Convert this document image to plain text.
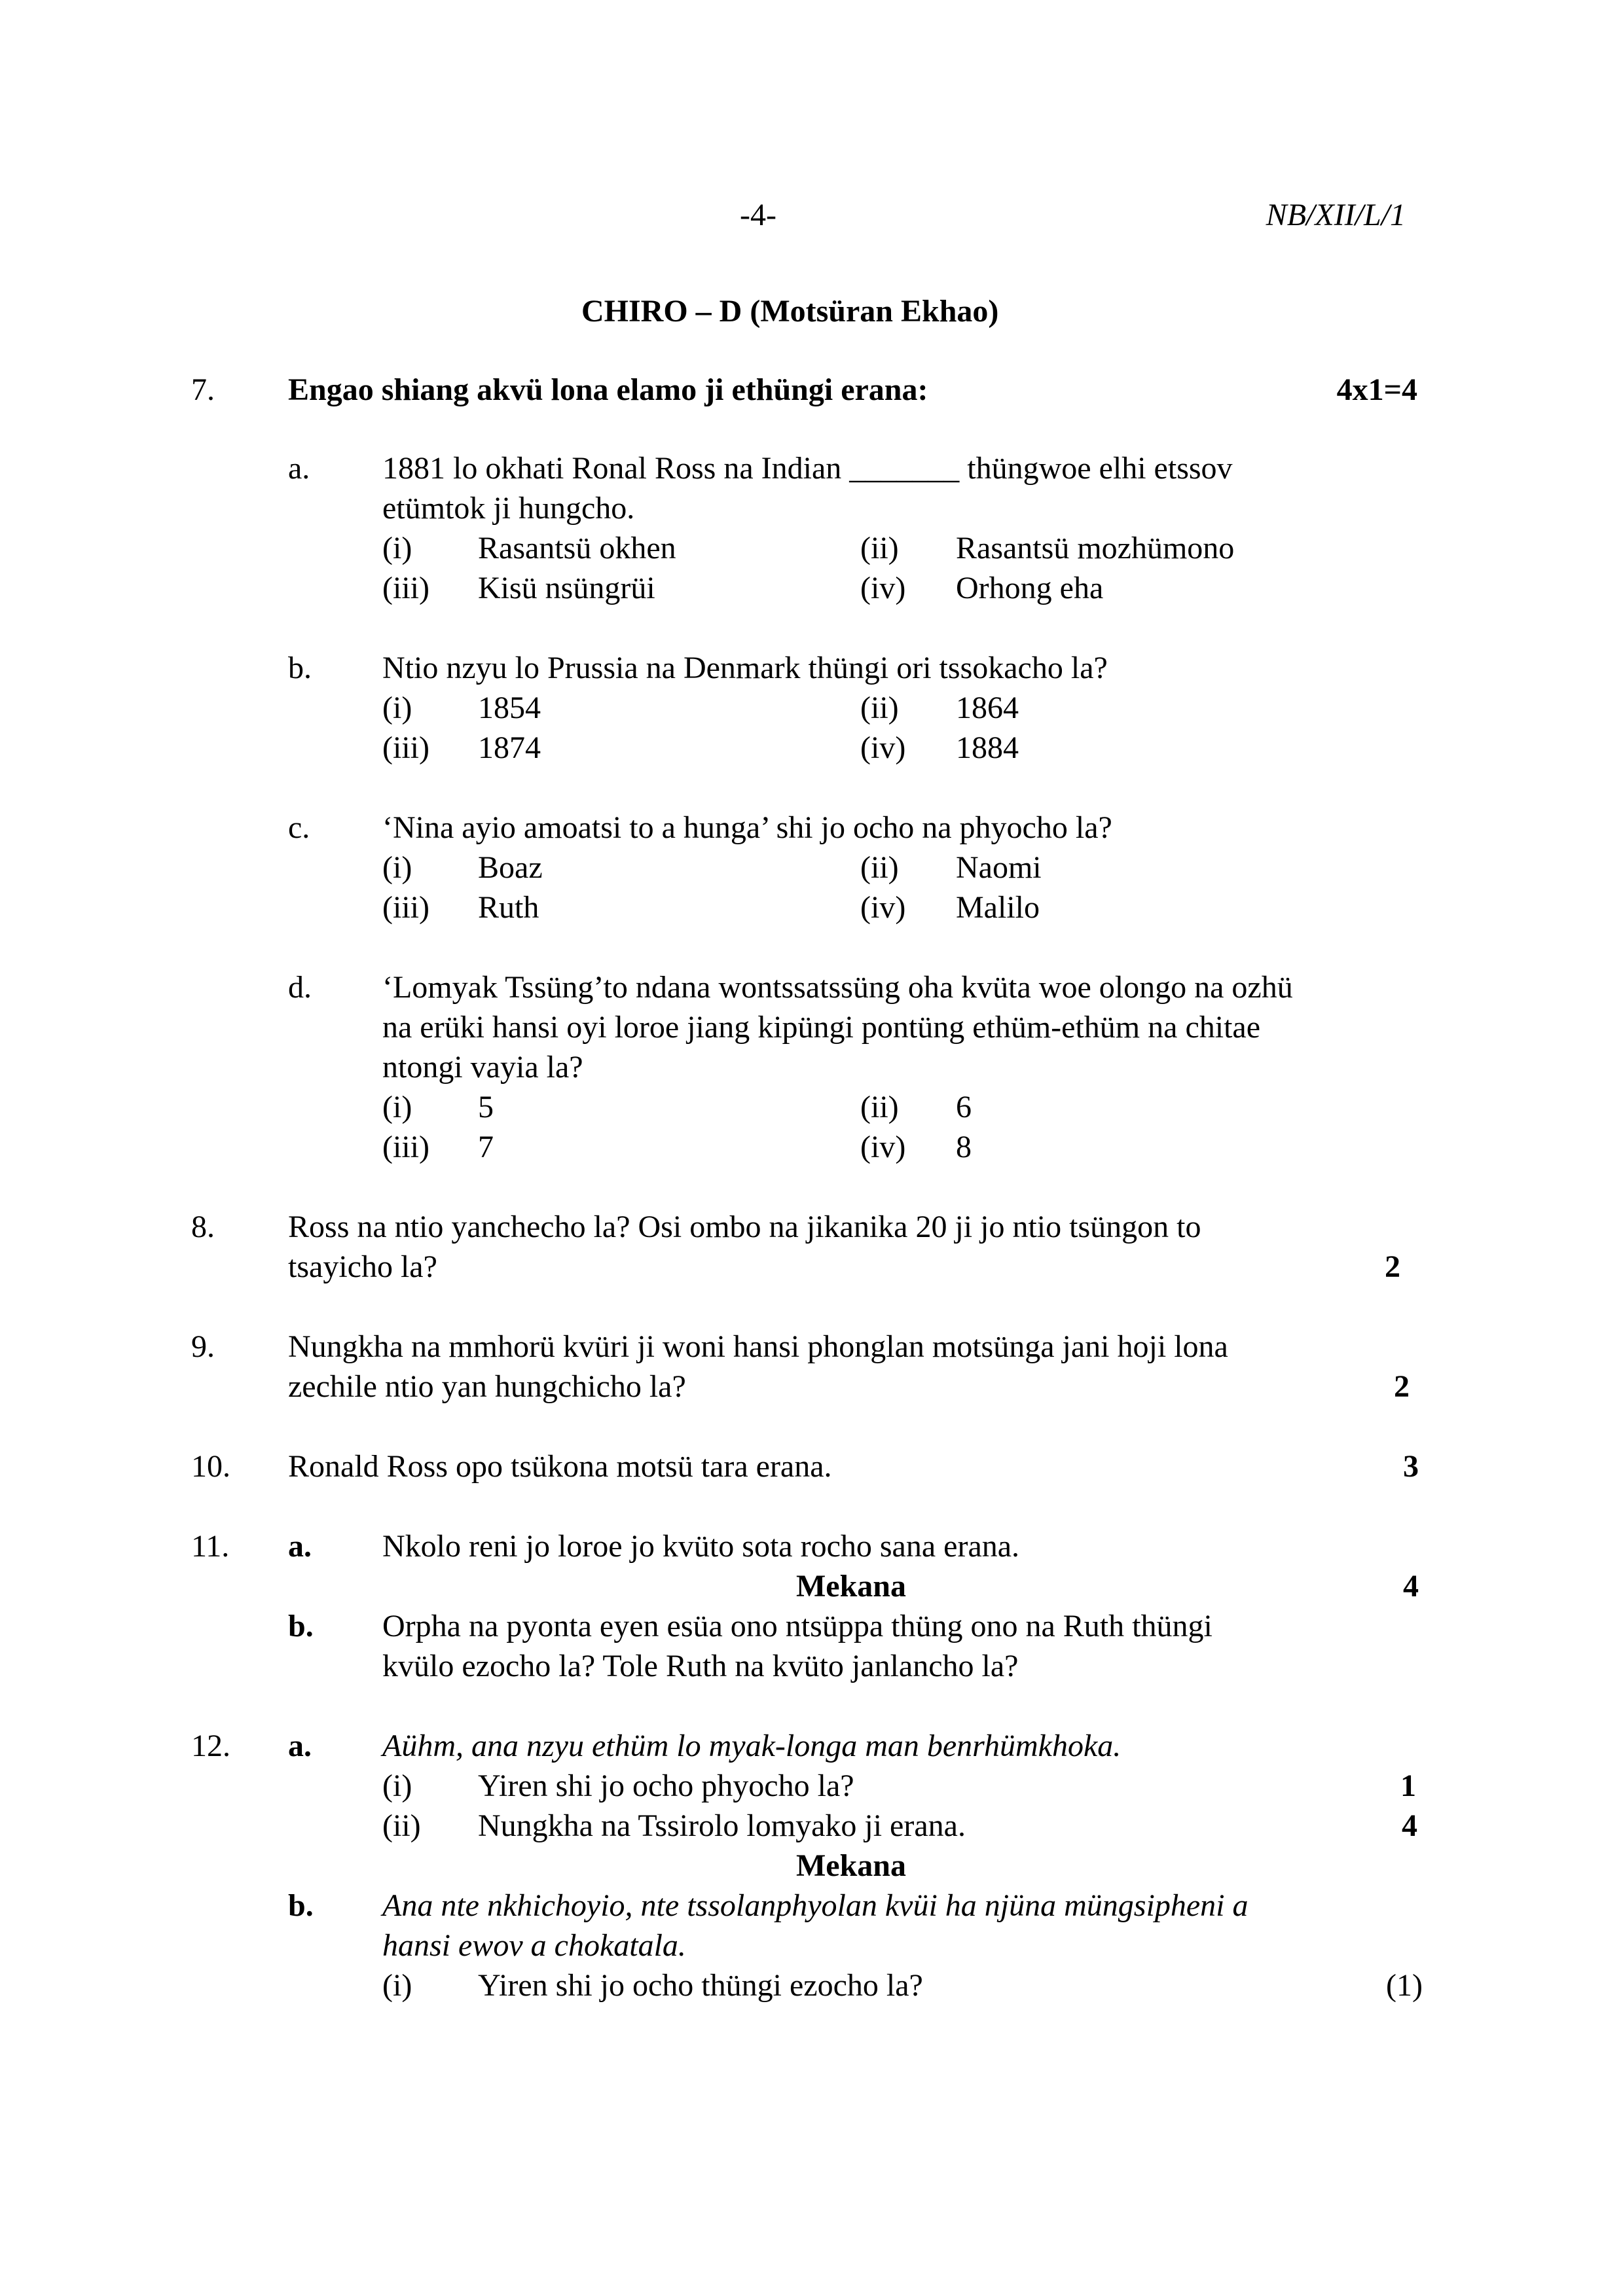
-4-	NB/XII/L/1
CHIRO – D (Motsüran Ekhao)
7. Engao shiang akvü lona elamo ji ethüngi erana:	4x1=4
a. 1881 lo okhati Ronal Ross na Indian _______ thüngwoe elhi etssov
etümtok ji hungcho.
(i) Rasantsü okhen	(ii) Rasantsü mozhümono
(iii) Kisü nsüngrüi	(iv) Orhong eha
b. Ntio nzyu lo Prussia na Denmark thüngi ori tssokacho la?
(i) 1854	(ii) 1864
(iii) 1874	(iv) 1884
c. ‘Nina ayio amoatsi to a hunga’ shi jo ocho na phyocho la?
(i) Boaz	(ii) Naomi
(iii) Ruth	(iv) Malilo
d. ‘Lomyak Tssüng’to ndana wontssatssüng oha kvüta woe olongo na ozhü
na erüki hansi oyi loroe jiang kipüngi pontüng ethüm-ethüm na chitae
ntongi vayia la?
(i) 5	(ii) 6
(iii) 7	(iv) 8
8. Ross na ntio yanchecho la? Osi ombo na jikanika 20 ji jo ntio tsüngon to
tsayicho la?	2
9. Nungkha na mmhorü kvüri ji woni hansi phonglan motsünga jani hoji lona
zechile ntio yan hungchicho la?	2
10. Ronald Ross opo tsükona motsü tara erana.	3
11. a. Nkolo reni jo loroe jo kvüto sota rocho sana erana.
Mekana	4
b. Orpha na pyonta eyen esüa ono ntsüppa thüng ono na Ruth thüngi
kvülo ezocho la? Tole Ruth na kvüto janlancho la?
12. a. Aühm, ana nzyu ethüm lo myak-longa man benrhümkhoka.
(i) Yiren shi jo ocho phyocho la?	1
(ii) Nungkha na Tssirolo lomyako ji erana.	4
Mekana
b. Ana nte nkhichoyio, nte tssolanphyolan kvüi ha njüna müngsipheni a
hansi ewov a chokatala.
(i) Yiren shi jo ocho thüngi ezocho la?	(1)
